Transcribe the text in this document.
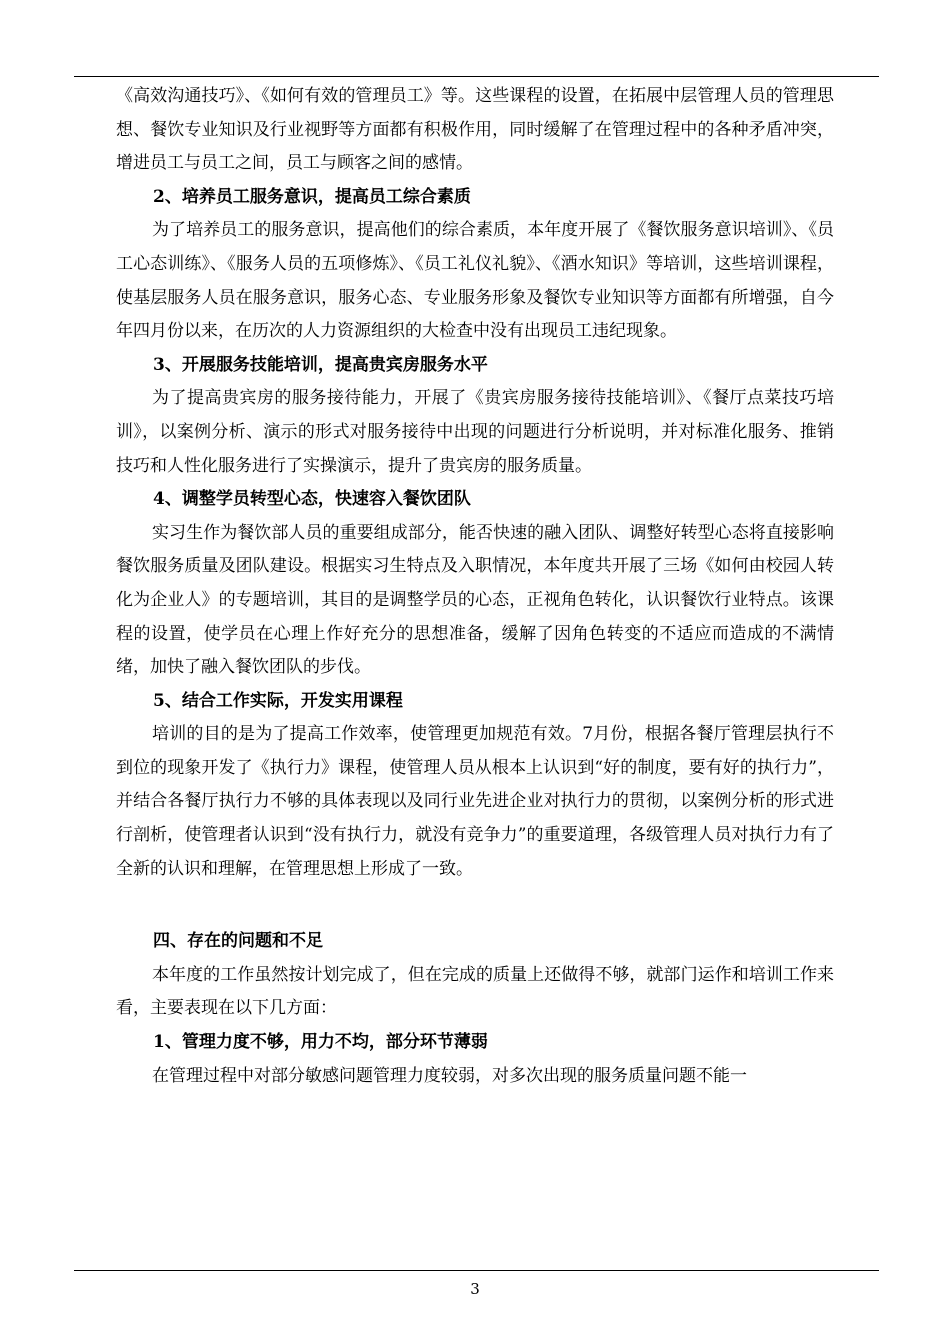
《高效沟通技巧》、《如何有效的管理员工》等。这些课程的设置，在拓展中层管理人员的管理思想、餐饮专业知识及行业视野等方面都有积极作用，同时缓解了在管理过程中的各种矛盾冲突，增进员工与员工之间，员工与顾客之间的感情。

2、培养员工服务意识，提高员工综合素质

为了培养员工的服务意识，提高他们的综合素质，本年度开展了《餐饮服务意识培训》、《员工心态训练》、《服务人员的五项修炼》、《员工礼仪礼貌》、《酒水知识》等培训，这些培训课程，使基层服务人员在服务意识，服务心态、专业服务形象及餐饮专业知识等方面都有所增强，自今年四月份以来，在历次的人力资源组织的大检查中没有出现员工违纪现象。

3、开展服务技能培训，提高贵宾房服务水平

为了提高贵宾房的服务接待能力，开展了《贵宾房服务接待技能培训》、《餐厅点菜技巧培训》，以案例分析、演示的形式对服务接待中出现的问题进行分析说明，并对标准化服务、推销技巧和人性化服务进行了实操演示，提升了贵宾房的服务质量。

4、调整学员转型心态，快速容入餐饮团队

实习生作为餐饮部人员的重要组成部分，能否快速的融入团队、调整好转型心态将直接影响餐饮服务质量及团队建设。根据实习生特点及入职情况，本年度共开展了三场《如何由校园人转化为企业人》的专题培训，其目的是调整学员的心态，正视角色转化，认识餐饮行业特点。该课程的设置，使学员在心理上作好充分的思想准备，缓解了因角色转变的不适应而造成的不满情绪，加快了融入餐饮团队的步伐。

5、结合工作实际，开发实用课程

培训的目的是为了提高工作效率，使管理更加规范有效。7月份，根据各餐厅管理层执行不到位的现象开发了《执行力》课程，使管理人员从根本上认识到“好的制度，要有好的执行力”，并结合各餐厅执行力不够的具体表现以及同行业先进企业对执行力的贯彻，以案例分析的形式进行剖析，使管理者认识到“没有执行力，就没有竞争力”的重要道理，各级管理人员对执行力有了全新的认识和理解，在管理思想上形成了一致。

四、存在的问题和不足

本年度的工作虽然按计划完成了，但在完成的质量上还做得不够，就部门运作和培训工作来看，主要表现在以下几方面：

1、管理力度不够，用力不均，部分环节薄弱

在管理过程中对部分敏感问题管理力度较弱，对多次出现的服务质量问题不能一

3
